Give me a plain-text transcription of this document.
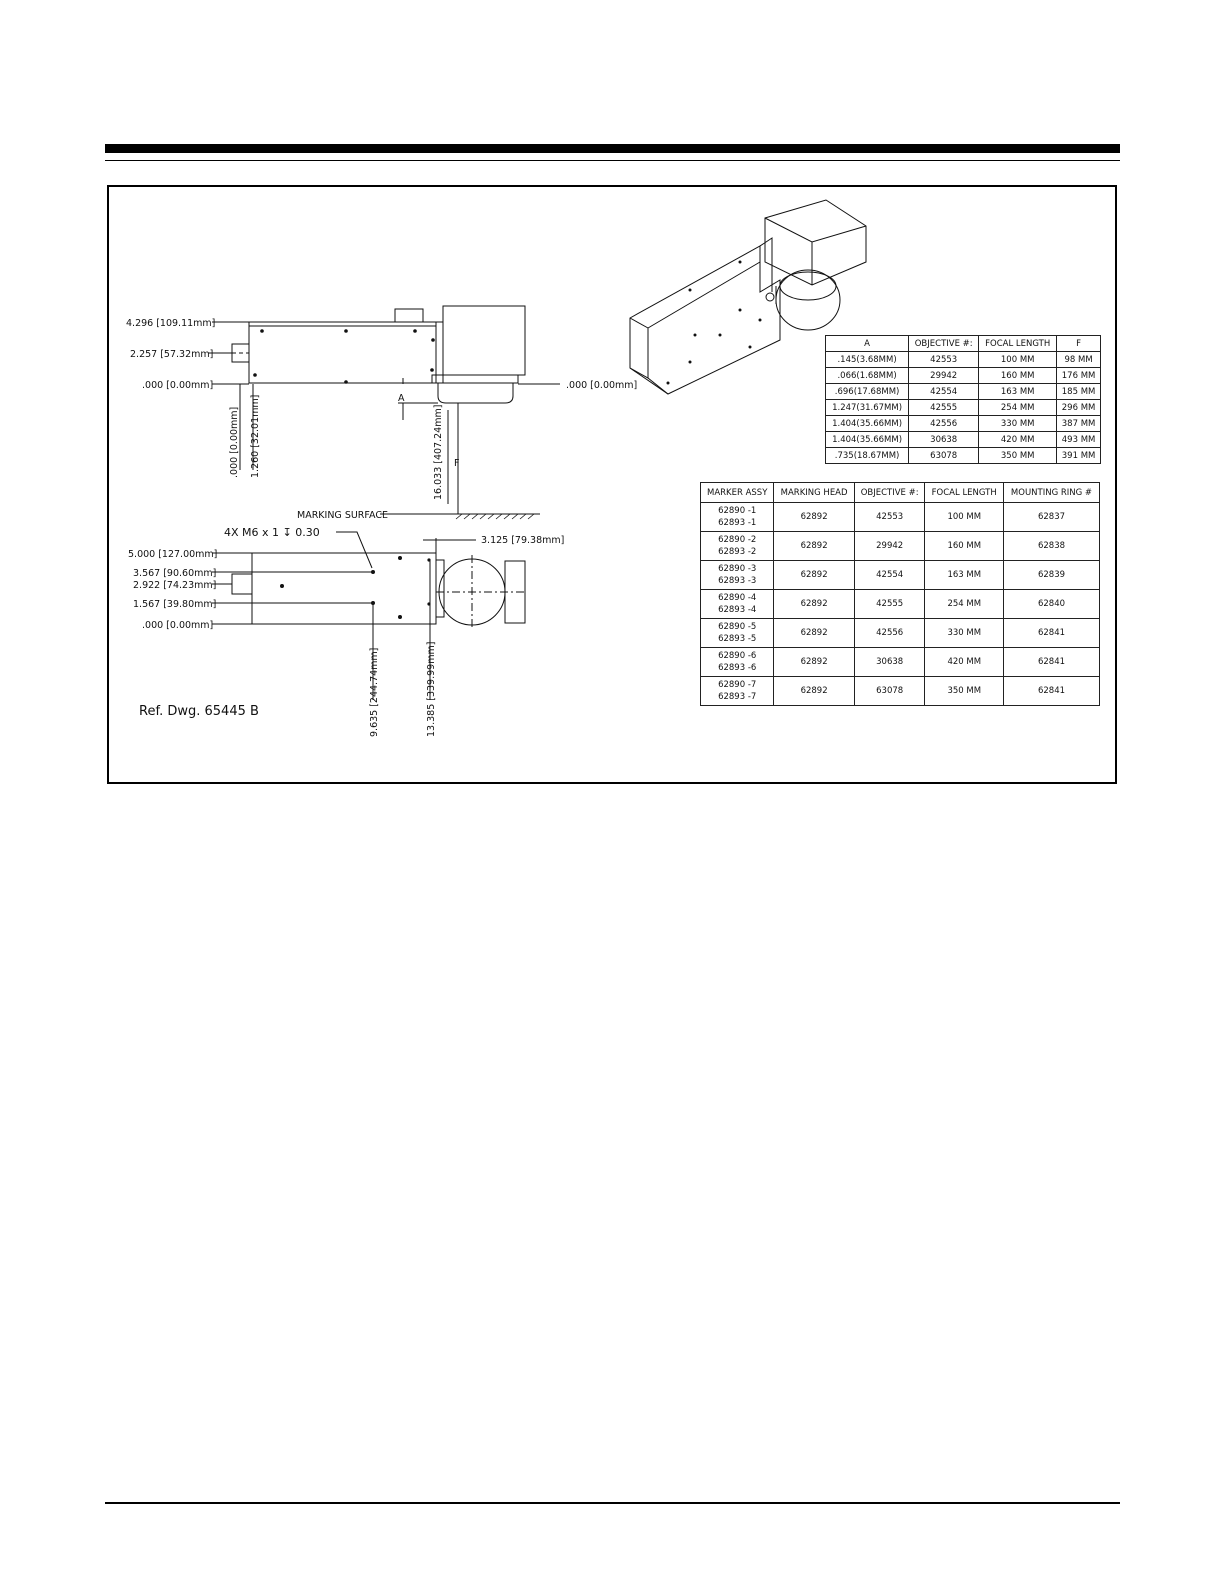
4.296 [109.11mm]
2.257 [57.32mm]
.000 [0.00mm]	.000 [0.00mm]
A
F
MARKING SURFACE
.000 [0.00mm] 1.260 [32.01mm]	16.033 [407.24mm]
4X M6 x 1 ↧ 0.30
3.125 [79.38mm]
5.000 [127.00mm]
3.567 [90.60mm]
2.922 [74.23mm]
1.567 [39.80mm]
.000 [0.00mm]
9.635 [244.74mm]	13.385 [339.99mm]
Ref. Dwg. 65445 B
A	OBJECTIVE #:	FOCAL LENGTH	F
.145(3.68MM)	42553	100 MM	98 MM
.066(1.68MM)	29942	160 MM	176 MM
.696(17.68MM)	42554	163 MM	185 MM
1.247(31.67MM)	42555	254 MM	296 MM
1.404(35.66MM)	42556	330 MM	387 MM
1.404(35.66MM)	30638	420 MM	493 MM
.735(18.67MM)	63078	350 MM	391 MM
MARKER ASSY	MARKING HEAD	OBJECTIVE #:	FOCAL LENGTH	MOUNTING RING #
62890 -1
62893 -1	62892	42553	100 MM	62837
62890 -2
62893 -2	62892	29942	160 MM	62838
62890 -3
62893 -3	62892	42554	163 MM	62839
62890 -4
62893 -4	62892	42555	254 MM	62840
62890 -5
62893 -5	62892	42556	330 MM	62841
62890 -6
62893 -6	62892	30638	420 MM	62841
62890 -7
62893 -7	62892	63078	350 MM	62841
